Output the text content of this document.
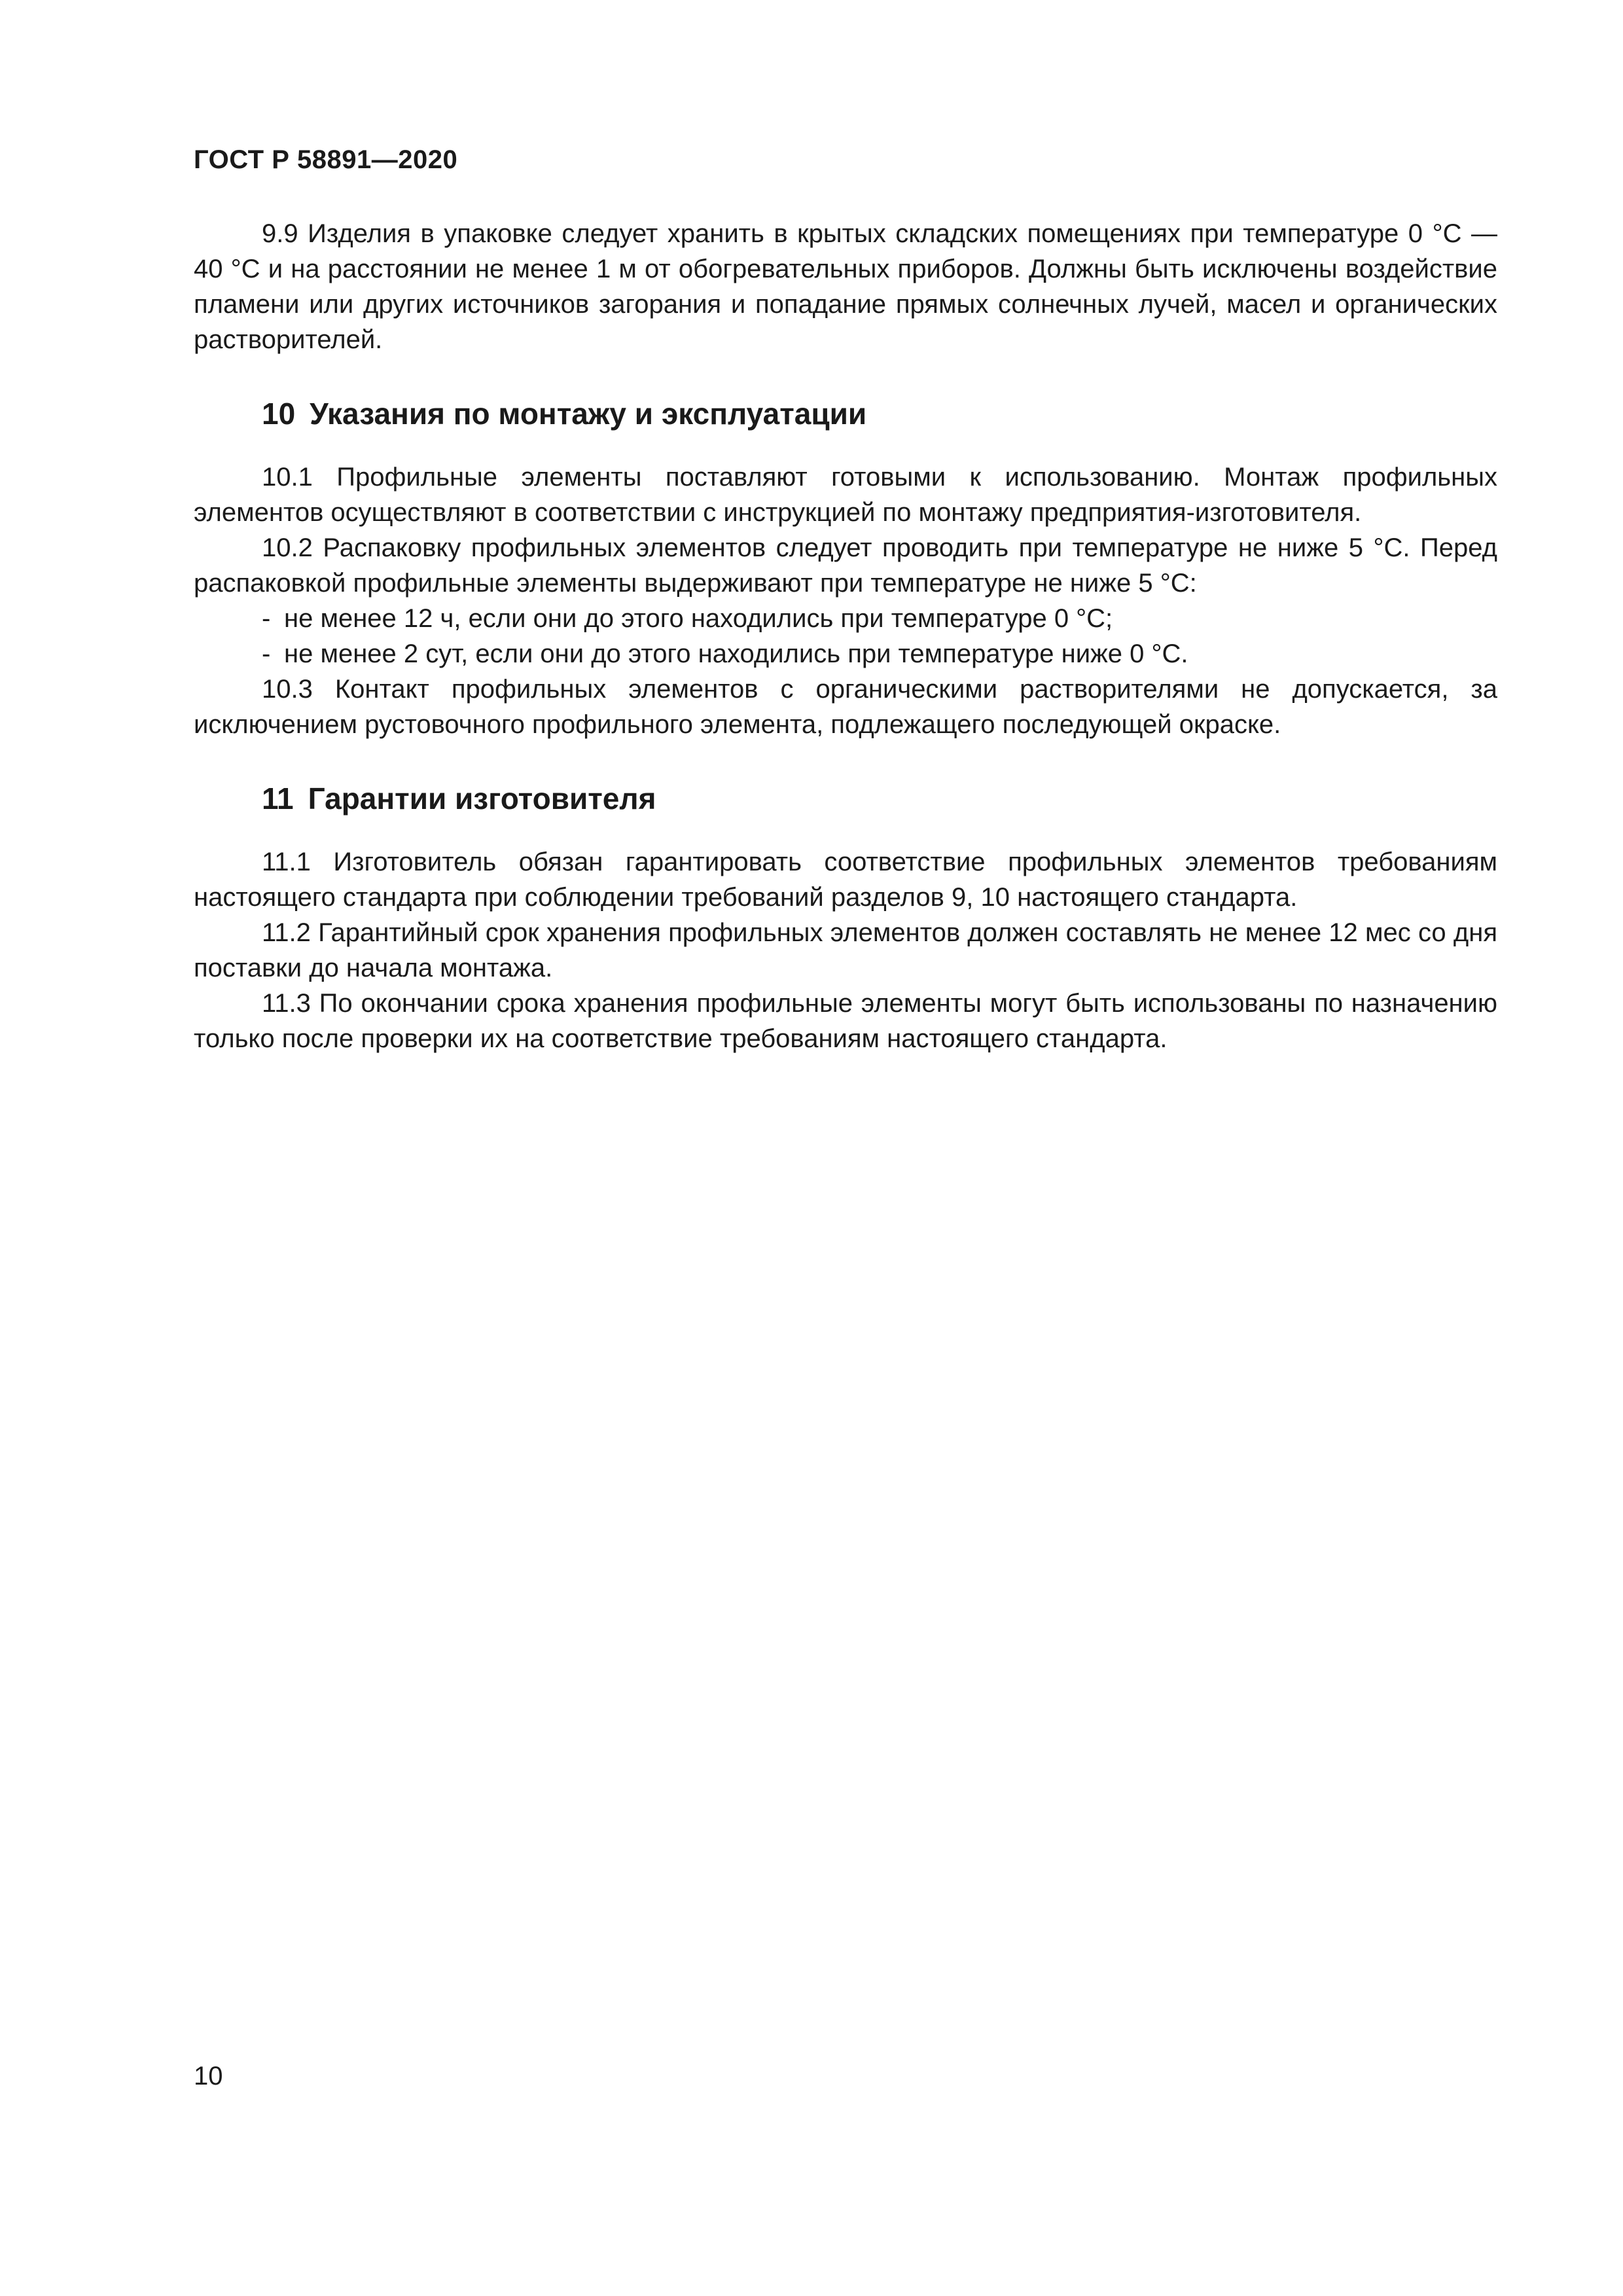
ГОСТ Р 58891—2020

9.9 Изделия в упаковке следует хранить в крытых складских помещениях при температуре 0 °С — 40 °С и на расстоянии не менее 1 м от обогревательных приборов. Должны быть исключены воздействие пламени или других источников загорания и попадание прямых солнечных лучей, масел и органических растворителей.

10 Указания по монтажу и эксплуатации

10.1 Профильные элементы поставляют готовыми к использованию. Монтаж профильных элементов осуществляют в соответствии с инструкцией по монтажу предприятия-изготовителя.

10.2 Распаковку профильных элементов следует проводить при температуре не ниже 5 °С. Перед распаковкой профильные элементы выдерживают при температуре не ниже 5 °С:

- не менее 12 ч, если они до этого находились при температуре 0 °С;

- не менее 2 сут, если они до этого находились при температуре ниже 0 °С.

10.3 Контакт профильных элементов с органическими растворителями не допускается, за исключением рустовочного профильного элемента, подлежащего последующей окраске.

11 Гарантии изготовителя

11.1 Изготовитель обязан гарантировать соответствие профильных элементов требованиям настоящего стандарта при соблюдении требований разделов 9, 10 настоящего стандарта.

11.2 Гарантийный срок хранения профильных элементов должен составлять не менее 12 мес со дня поставки до начала монтажа.

11.3 По окончании срока хранения профильные элементы могут быть использованы по назначению только после проверки их на соответствие требованиям настоящего стандарта.

10
